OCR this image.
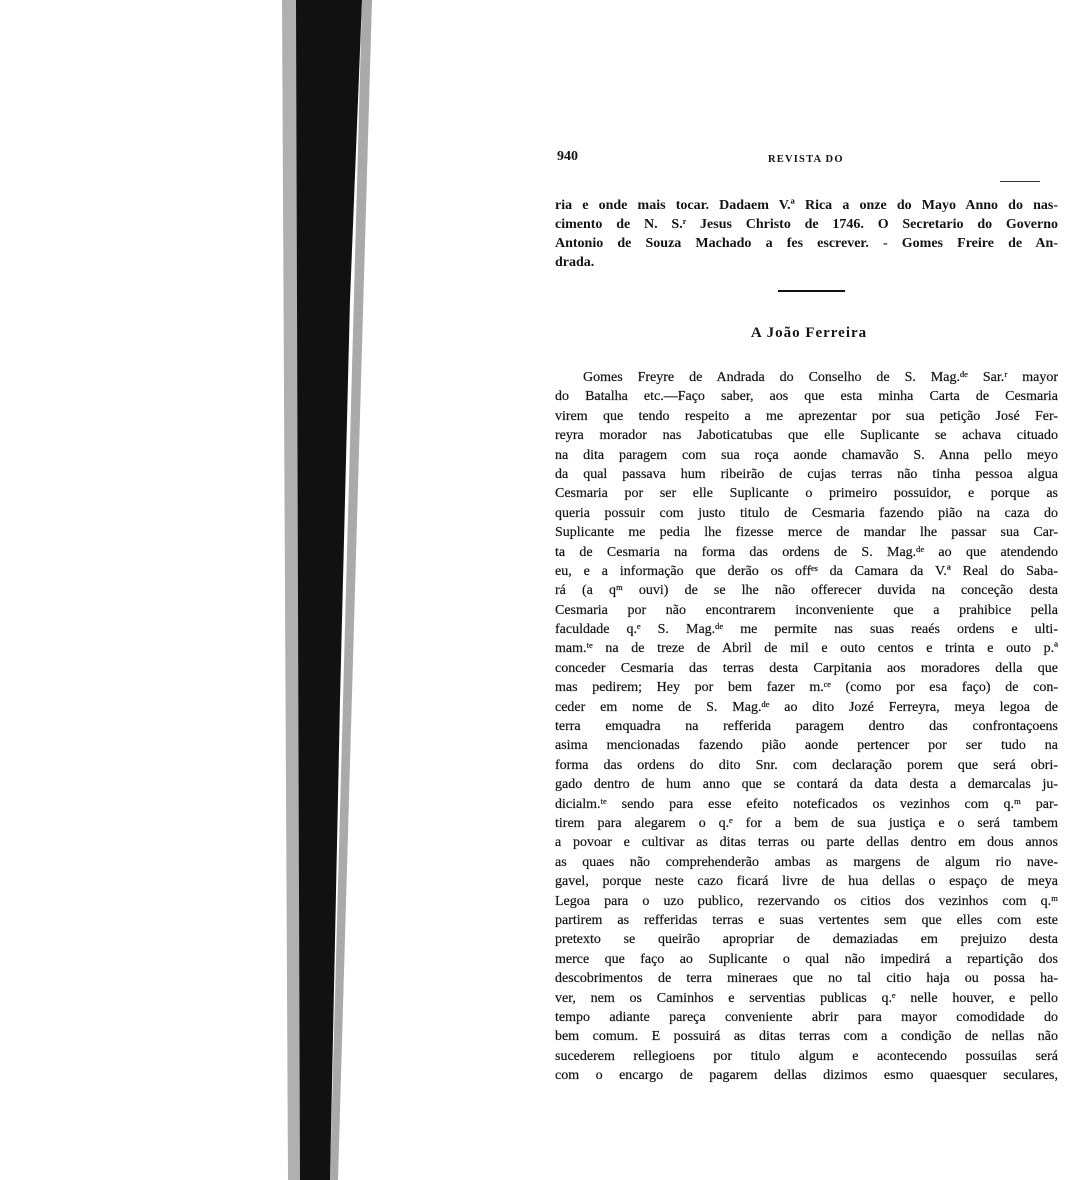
940	REVISTA DO
ria e onde mais tocar. Dadaem V.ª Rica a onze do Mayo Anno do nas-
cimento de N. S.ʳ Jesus Christo de 1746. O Secretario do Governo
Antonio de Souza Machado a fes escrever. - Gomes Freire de An-
drada.
A João Ferreira
Gomes Freyre de Andrada do Conselho de S. Mag.ᵈᵉ Sar.ʳ mayor
do Batalha etc.—Faço saber, aos que esta minha Carta de Cesmaria
virem que tendo respeito a me aprezentar por sua petição José Fer-
reyra morador nas Jaboticatubas que elle Suplicante se achava cituado
na dita paragem com sua roça aonde chamavão S. Anna pello meyo
da qual passava hum ribeirão de cujas terras não tinha pessoa algua
Cesmaria por ser elle Suplicante o primeiro possuidor, e porque as
queria possuir com justo titulo de Cesmaria fazendo pião na caza do
Suplicante me pedia lhe fizesse merce de mandar lhe passar sua Car-
ta de Cesmaria na forma das ordens de S. Mag.ᵈᵉ ao que atendendo
eu, e a informação que derão os offᵉˢ da Camara da V.ª Real do Saba-
rá (a qᵐ ouvi) de se lhe não offerecer duvida na conceção desta
Cesmaria por não encontrarem inconveniente que a prahibice pella
faculdade q.ᵉ S. Mag.ᵈᵉ me permite nas suas reaés ordens e ulti-
mam.ᵗᵉ na de treze de Abril de mil e outo centos e trinta e outo p.ª
conceder Cesmaria das terras desta Carpitania aos moradores della que
mas pedirem; Hey por bem fazer m.ᶜᵉ (como por esa faço) de con-
ceder em nome de S. Mag.ᵈᵉ ao dito Jozé Ferreyra, meya legoa de
terra emquadra na refferida paragem dentro das confrontaçoens
asima mencionadas fazendo pião aonde pertencer por ser tudo na
forma das ordens do dito Snr. com declaração porem que será obri-
gado dentro de hum anno que se contará da data desta a demarcalas ju-
dicialm.ᵗᵉ sendo para esse efeito noteficados os vezinhos com q.ᵐ par-
tirem para alegarem o q.ᵉ for a bem de sua justiça e o será tambem
a povoar e cultivar as ditas terras ou parte dellas dentro em dous annos
as quaes não comprehenderão ambas as margens de algum rio nave-
gavel, porque neste cazo ficará livre de hua dellas o espaço de meya
Legoa para o uzo publico, rezervando os citios dos vezinhos com q.ᵐ
partirem as refferidas terras e suas vertentes sem que elles com este
pretexto se queirão apropriar de demaziadas em prejuizo desta
merce que faço ao Suplicante o qual não impedirá a repartição dos
descobrimentos de terra mineraes que no tal citio haja ou possa ha-
ver, nem os Caminhos e serventias publicas q.ᵉ nelle houver, e pello
tempo adiante pareça conveniente abrir para mayor comodidade do
bem comum. E possuirá as ditas terras com a condição de nellas não
sucederem rellegioens por titulo algum e acontecendo possuilas será
com o encargo de pagarem dellas dizimos esmo quaesquer seculares,
